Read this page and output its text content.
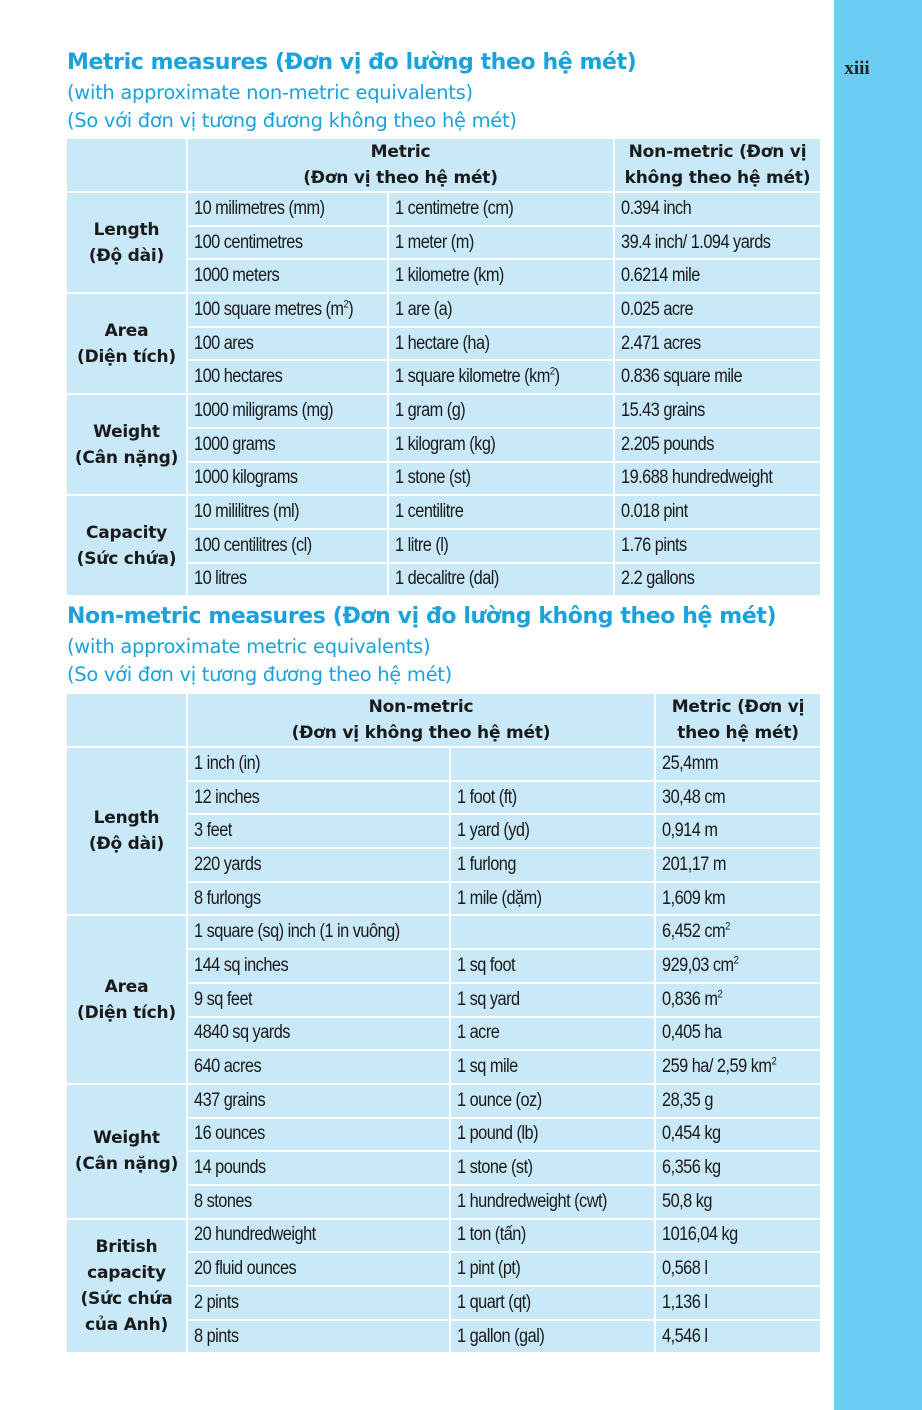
xiii
Metric measures (Đơn vị đo lường theo hệ mét)

(with approximate non-metric equivalents)

(So với đơn vị tương đương không theo hệ mét)

	Metric
(Đơn vị theo hệ mét)		Non-metric (Đơn vị
không theo hệ mét)

Length
(Độ dài)	10 milimetres (mm)	1 centimetre (cm)	0.394 inch
	100 centimetres	1 meter (m)	39.4 inch/ 1.094 yards
	1000 meters	1 kilometre (km)	0.6214 mile

Area
(Diện tích)	100 square metres $(m^2)$	1 are (a)	0.025 acre
	100 ares	1 hectare (ha)	2.471 acres
	100 hectares	1 square kilometre $(km^2)$	0.836 square mile

Weight
(Cân nặng)	1000 miligrams (mg)	1 gram (g)	15.43 grains
	1000 grams	1 kilogram (kg)	2.205 pounds
	1000 kilograms	1 stone (st)	19.688 hundredweight

Capacity
(Sức chứa)	10 mililitres (ml)	1 centilitre	0.018 pint
	100 centilitres (cl)	1 litre (l)	1.76 pints
	10 litres	1 decalitre (dal)	2.2 gallons
Non-metric measures (Đơn vị đo lường không theo hệ mét)

(with approximate metric equivalents)

(So với đơn vị tương đương theo hệ mét)

	Non-metric
(Đơn vị không theo hệ mét)		Metric (Đơn vị
theo hệ mét)

Length
(Độ dài)	1 inch (in)		25,4mm
	12 inches	1 foot (ft)	30,48 cm
	3 feet	1 yard (yd)	0,914 m
	220 yards	1 furlong	201,17 m
	8 furlongs	1 mile (dặm)	1,609 km

Area
(Diện tích)	1 square (sq) inch (1 in vuông)		6,452 $cm^2$
	144 sq inches	1 sq foot	929,03 $cm^2$
	9 sq feet	1 sq yard	0,836 $m^2$
	4840 sq yards	1 acre	0,405 ha
	640 acres	1 sq mile	259 ha/ 2,59 $km^2$

Weight
(Cân nặng)	437 grains	1 ounce (oz)	28,35 g
	16 ounces	1 pound (lb)	0,454 kg
	14 pounds	1 stone (st)	6,356 kg
	8 stones	1 hundredweight (cwt)	50,8 kg

British
capacity
(Sức chứa
của Anh)	20 hundredweight	1 ton (tấn)	1016,04 kg
	20 fluid ounces	1 pint (pt)	0,568 l
	2 pints	1 quart (qt)	1,136 l
	8 pints	1 gallon (gal)	4,546 l
